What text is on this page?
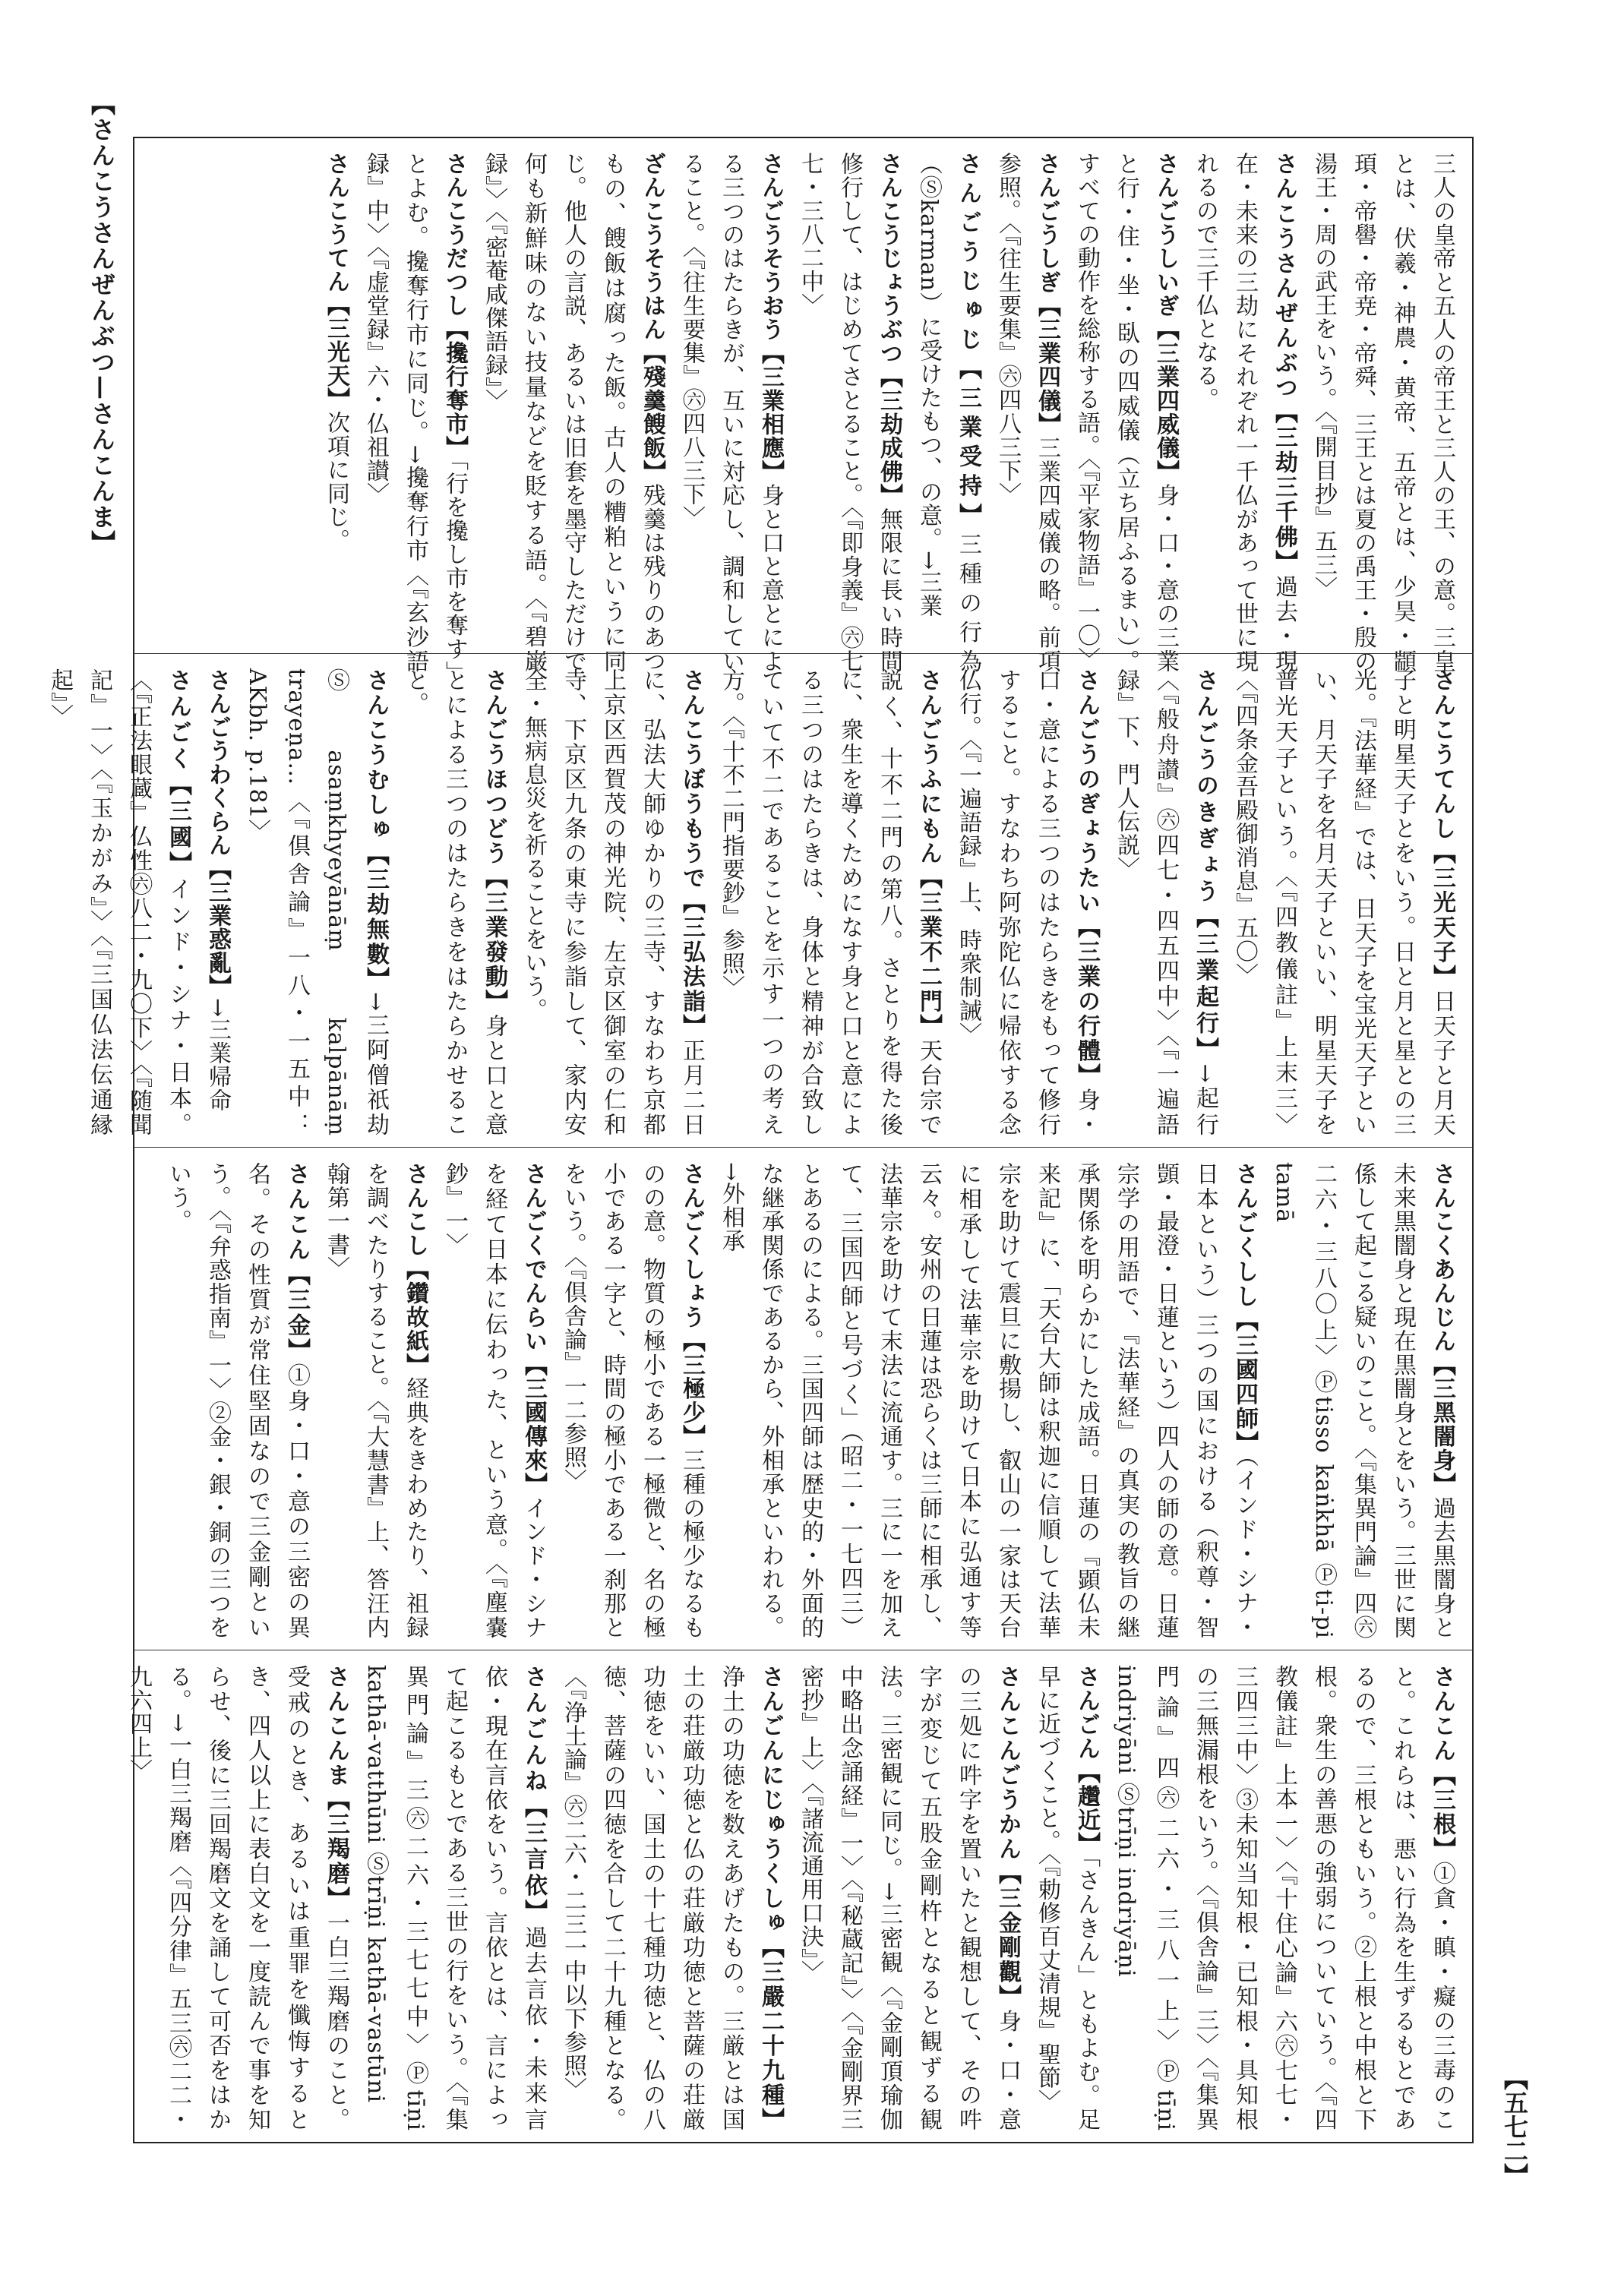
【さんこうさんぜんぶつ—さんこんま】
【五七二】

三人の皇帝と五人の帝王と三人の王、の意。三皇とは、伏羲・神農・黄帝、五帝とは、少昊・顓頊・帝嚳・帝尭・帝舜、三王とは夏の禹王・殷の湯王・周の武王をいう。〈『開目抄』五三〉

さんこうさんぜんぶつ【三劫三千佛】過去・現在・未来の三劫にそれぞれ一千仏があって世に現れるので三千仏となる。

さんごうしいぎ【三業四威儀】身・口・意の三業と行・住・坐・臥の四威儀（立ち居ふるまい）。すべての動作を総称する語。〈『平家物語』一〇〉

さんごうしぎ【三業四儀】三業四威儀の略。前項参照。〈『往生要集』㊅四八三下〉

さんごうじゅじ【三業受持】三種の行為（Ⓢkarman）に受けたもつ、の意。→三業

さんこうじょうぶつ【三劫成佛】無限に長い時間修行して、はじめてさとること。〈『即身義』㊅七七・三八二中〉

さんごうそうおう【三業相應】身と口と意とによる三つのはたらきが、互いに対応し、調和していること。〈『往生要集』㊅四八三下〉

ざんこうそうはん【殘羹餿飯】残羹は残りのあつもの、餿飯は腐った飯。古人の糟粕というに同じ。他人の言説、あるいは旧套を墨守しただけで何も新鮮味のない技量などを貶する語。〈『碧巌録』〉〈『密菴咸傑語録』〉

さんこうだつし【攙行奪市】「行を攙し市を奪す」とよむ。攙奪行市に同じ。→攙奪行市〈『玄沙語録』中〉〈『虚堂録』六・仏祖讃〉

さんこうてん【三光天】次項に同じ。

さんこうてんし【三光天子】日天子と月天子と明星天子とをいう。日と月と星との三光。『法華経』では、日天子を宝光天子といい、月天子を名月天子といい、明星天子を普光天子という。〈『四教儀註』上末三〉〈『四条金吾殿御消息』五〇〉

さんごうのきぎょう【三業起行】→起行〈『般舟讃』㊅四七・四五四中〉〈『一遍語録』下、門人伝説〉

さんごうのぎょうたい【三業の行體】身・口・意による三つのはたらきをもって修行すること。すなわち阿弥陀仏に帰依する念仏行。〈『一遍語録』上、時衆制誡〉

さんごうふにもん【三業不二門】天台宗で説く、十不二門の第八。さとりを得た後に、衆生を導くためになす身と口と意による三つのはたらきは、身体と精神が合致していて不二であることを示す一つの考え方。〈『十不二門指要鈔』参照〉

さんこうぼうもうで【三弘法詣】正月二日に、弘法大師ゆかりの三寺、すなわち京都上京区西賀茂の神光院、左京区御室の仁和寺、下京区九条の東寺に参詣して、家内安全・無病息災を祈ることをいう。

さんごうほつどう【三業發動】身と口と意とによる三つのはたらきをはたらかせること。

さんこうむしゅ【三劫無數】→三阿僧祇劫 Ⓢasaṃkhyeyānāṃ kalpānāṃ trayeṇa…〈『倶舎論』一八・一五中：AKbh. p.181〉

さんごうわくらん【三業惑亂】→三業帰命

さんごく【三國】インド・シナ・日本。〈『正法眼蔵』仏性㊅八二・九〇下〉〈『随聞記』一〉〈『玉かがみ』〉〈『三国仏法伝通縁起』〉

さんこくあんじん【三黑闇身】過去黒闇身と未来黒闇身と現在黒闇身とをいう。三世に関係して起こる疑いのこと。〈『集異門論』四㊅二六・三八〇上〉Ⓟtisso kaṅkhā Ⓟti-pi tamā

さんごくしし【三國四師】（インド・シナ・日本という）三つの国における（釈尊・智顗・最澄・日蓮という）四人の師の意。日蓮宗学の用語で、『法華経』の真実の教旨の継承関係を明らかにした成語。日蓮の『顕仏未来記』に、「天台大師は釈迦に信順して法華宗を助けて震旦に敷揚し、叡山の一家は天台に相承して法華宗を助けて日本に弘通す等云々。安州の日蓮は恐らくは三師に相承し、法華宗を助けて末法に流通す。三に一を加えて、三国四師と号づく」（昭二・一七四三）とあるのによる。三国四師は歴史的・外面的な継承関係であるから、外相承といわれる。→外相承

さんごくしょう【三極少】三種の極少なるものの意。物質の極小である一極微と、名の極小である一字と、時間の極小である一刹那とをいう。〈『倶舎論』一二参照〉

さんごくでんらい【三國傳來】インド・シナを経て日本に伝わった、という意。〈『塵嚢鈔』一〉

さんこし【鑽故紙】経典をきわめたり、祖録を調べたりすること。〈『大慧書』上、答汪内翰第一書〉

さんこん【三金】①身・口・意の三密の異名。その性質が常住堅固なので三金剛という。〈『弁惑指南』一〉②金・銀・銅の三つをいう。

さんこん【三根】①貪・瞋・癡の三毒のこと。これらは、悪い行為を生ずるもとであるので、三根ともいう。②上根と中根と下根。衆生の善悪の強弱についていう。〈『四教儀註』上本一〉〈『十住心論』六㊅七七・三四三中〉③未知当知根・已知根・具知根の三無漏根をいう。〈『倶舎論』三〉〈『集異門論』四㊅二六・三八一上〉Ⓟtīṇi indriyāni Ⓢtrīṇi indriyāṇi

さんごん【趲近】「さんきん」ともよむ。足早に近づくこと。〈『勅修百丈清規』聖節〉

さんこんごうかん【三金剛觀】身・口・意の三処に吽字を置いたと観想して、その吽字が変じて五股金剛杵となると観ずる観法。三密観に同じ。→三密観〈『金剛頂瑜伽中略出念誦経』一〉〈『秘蔵記』〉〈『金剛界三密抄』上〉〈『諸流通用口決』〉

さんごんにじゅうくしゅ【三嚴二十九種】浄土の功徳を数えあげたもの。三厳とは国土の荘厳功徳と仏の荘厳功徳と菩薩の荘厳功徳をいい、国土の十七種功徳と、仏の八徳、菩薩の四徳を合して二十九種となる。〈『浄土論』㊅二六・二三一中以下参照〉

さんごんね【三言依】過去言依・未来言依・現在言依をいう。言依とは、言によって起こるもとである三世の行をいう。〈『集異門論』三㊅二六・三七七中〉Ⓟtīṇi kathā-vatthūni Ⓢtrīṇi kathā-vastūni

さんこんま【三羯磨】一白三羯磨のこと。受戒のとき、あるいは重罪を懺悔するとき、四人以上に表白文を一度読んで事を知らせ、後に三回羯磨文を誦して可否をはかる。→一白三羯磨〈『四分律』五三㊅二二・九六四上〉
